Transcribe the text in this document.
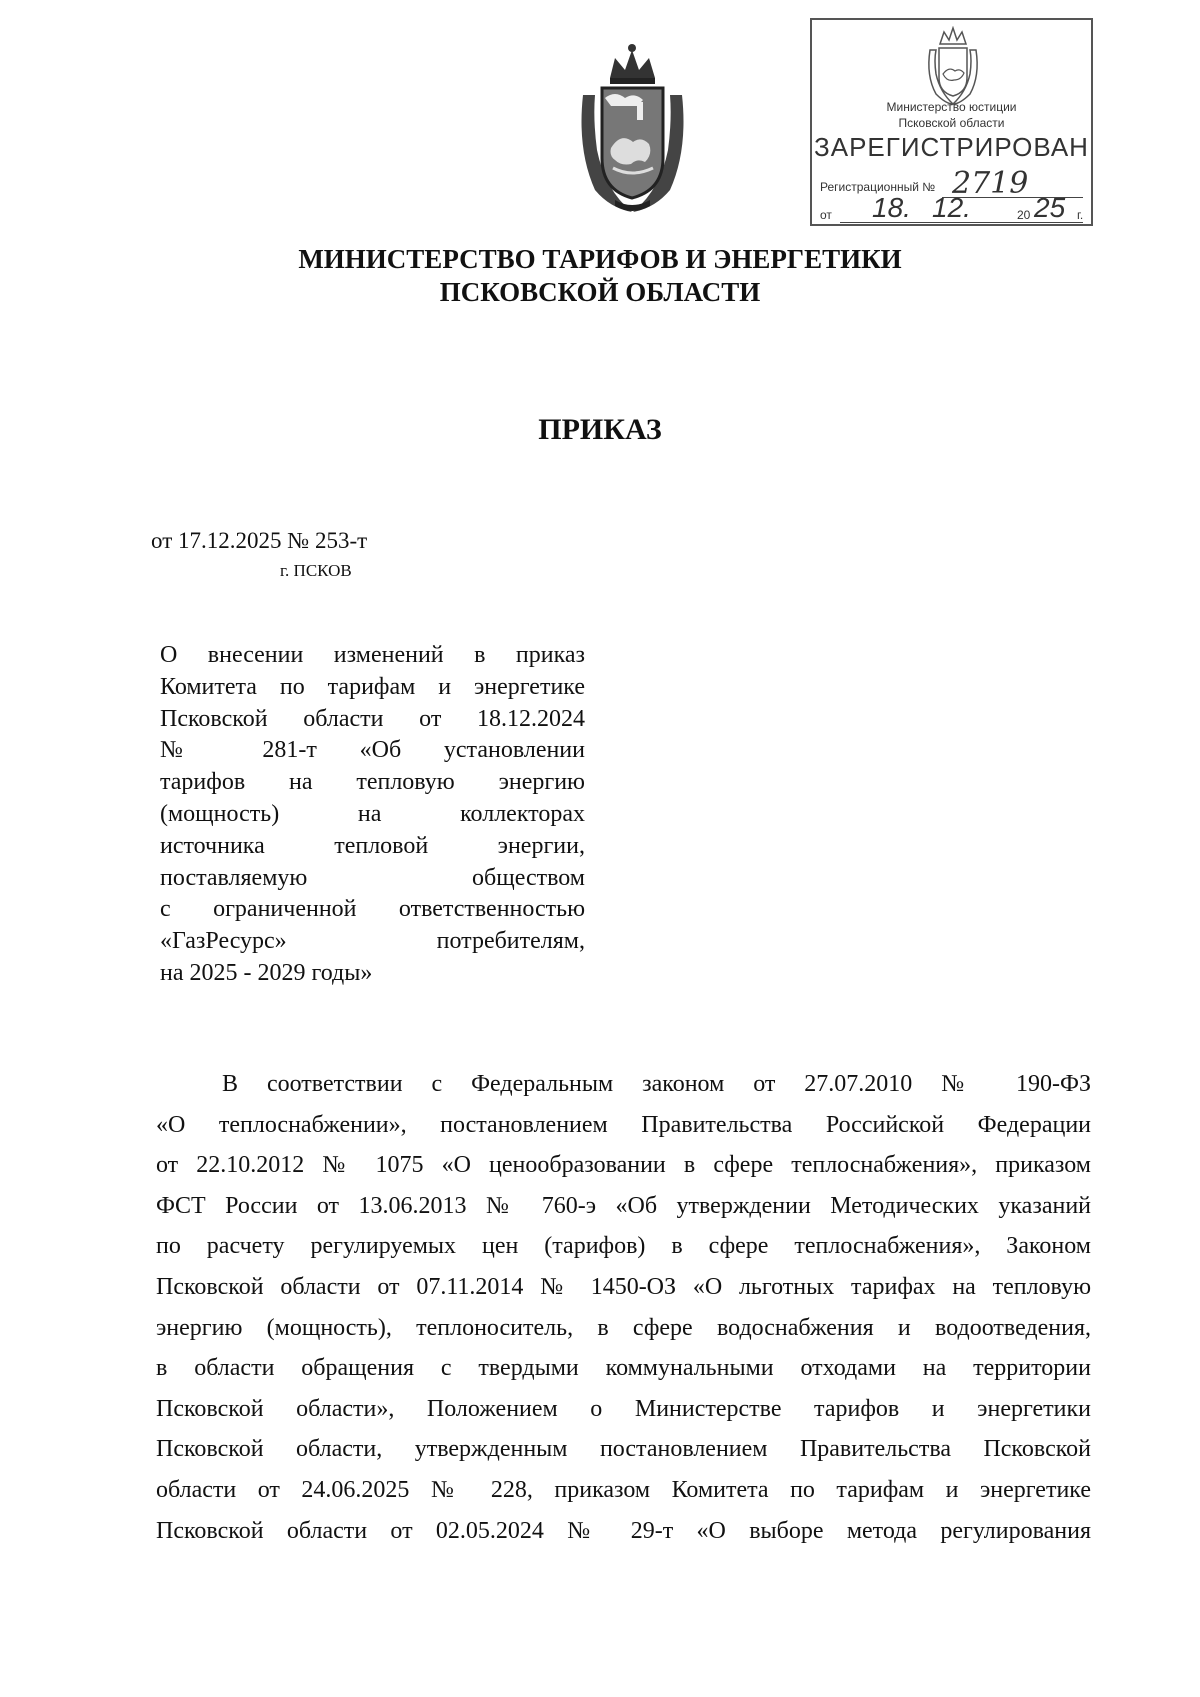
Министерство юстиции
Псковской области
ЗАРЕГИСТРИРОВАН
Регистрационный № 2719
от 18. 12.	20 25 г.
МИНИСТЕРСТВО ТАРИФОВ И ЭНЕРГЕТИКИ
ПСКОВСКОЙ ОБЛАСТИ
ПРИКАЗ
от 17.12.2025 № 253-т
г. ПСКОВ
О внесении изменений в приказ
Комитета по тарифам и энергетике
Псковской области от 18.12.2024
№ 281-т «Об установлении
тарифов на тепловую энергию
(мощность) на коллекторах
источника тепловой энергии,
поставляемую обществом
с ограниченной ответственностью
«ГазРесурс» потребителям,
на 2025 - 2029 годы»
В соответствии с Федеральным законом от 27.07.2010 № 190-ФЗ
«О теплоснабжении», постановлением Правительства Российской Федерации
от 22.10.2012 № 1075 «О ценообразовании в сфере теплоснабжения», приказом
ФСТ России от 13.06.2013 № 760-э «Об утверждении Методических указаний
по расчету регулируемых цен (тарифов) в сфере теплоснабжения», Законом
Псковской области от 07.11.2014 № 1450-ОЗ «О льготных тарифах на тепловую
энергию (мощность), теплоноситель, в сфере водоснабжения и водоотведения,
в области обращения с твердыми коммунальными отходами на территории
Псковской области», Положением о Министерстве тарифов и энергетики
Псковской области, утвержденным постановлением Правительства Псковской
области от 24.06.2025 № 228, приказом Комитета по тарифам и энергетике
Псковской области от 02.05.2024 № 29-т «О выборе метода регулирования
